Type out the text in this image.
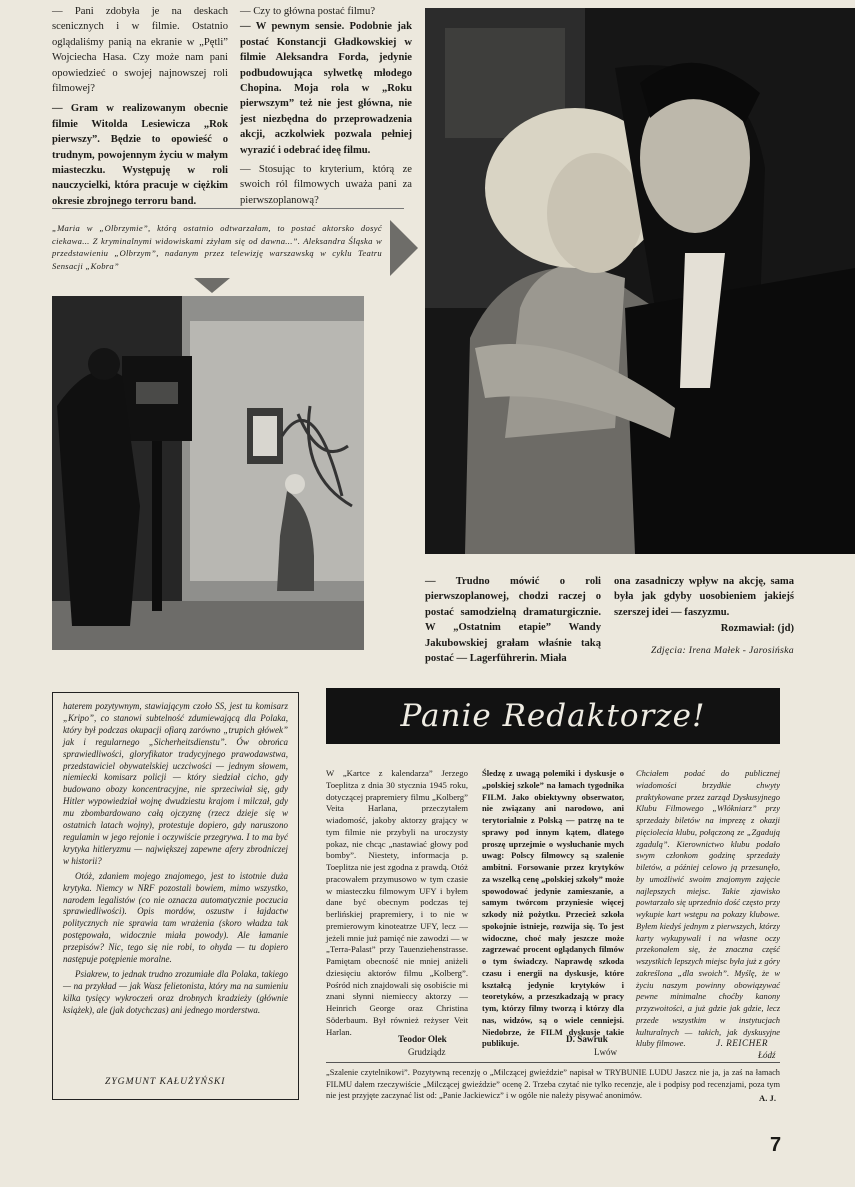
— Pani zdobyła je na deskach scenicznych i w filmie. Ostatnio oglądaliśmy panią na ekranie w „Pętli” Wojciecha Hasa. Czy może nam pani opowiedzieć o swojej najnowszej roli filmowej?

— Gram w realizowanym obecnie filmie Witolda Lesiewicza „Rok pierwszy”. Będzie to opowieść o trudnym, powojennym życiu w małym miasteczku. Występuję w roli nauczycielki, która pracuje w ciężkim okresie zbrojnego terroru band.

— Czy to główna postać filmu?

— W pewnym sensie. Podobnie jak postać Konstancji Gładkowskiej w filmie Aleksandra Forda, jedynie podbudowująca sylwetkę młodego Chopina. Moja rola w „Roku pierwszym” też nie jest główna, nie jest niezbędna do przeprowadzenia akcji, aczkolwiek pozwala pełniej wyrazić i odebrać ideę filmu.

— Stosując to kryterium, którą ze swoich ról filmowych uważa pani za pierwszoplanową?

„Maria w „Olbrzymie”, którą ostatnio odtwarzałam, to postać aktorsko dosyć ciekawa... Z kryminalnymi widowiskami zżyłam się od dawna...”. Aleksandra Śląska w przedstawieniu „Olbrzym”, nadanym przez telewizję warszawską w cyklu Teatru Sensacji „Kobra”
— Trudno mówić o roli pierwszoplanowej, chodzi raczej o postać samodzielną dramaturgicznie. W „Ostatnim etapie” Wandy Jakubowskiej grałam właśnie taką postać — Lagerführerin. Miała
ona zasadniczy wpływ na akcję, sama była jak gdyby uosobieniem jakiejś szerszej idei — faszyzmu.
Rozmawiał: (jd)
Zdjęcia: Irena Małek - Jarosińska

haterem pozytywnym, stawiającym czoło SS, jest tu komisarz „Kripo”, co stanowi subtelność zdumiewającą dla Polaka, który był podczas okupacji ofiarą zarówno „trupich główek” jak i regularnego „Sicherheitsdienstu”. Ów obrońca sprawiedliwości, gloryfikator tradycyjnego prawodawstwa, przedstawiciel obywatelskiej uczciwości — jednym słowem, niemiecki komisarz policji — który siedział cicho, gdy budowano obozy koncentracyjne, nie sprzeciwiał się, gdy Hitler wypowiedział wojnę dwudziestu krajom i milczał, gdy mu zbombardowano całą ojczyznę (rzecz dzieje się w ostatnich latach wojny), protestuje dopiero, gdy naruszono regulamin w jego rejonie i oczywiście przegrywa. I to ma być krytyka hitleryzmu — największej zapewne afery zbrodniczej w historii?

Otóż, zdaniem mojego znajomego, jest to istotnie duża krytyka. Niemcy w NRF pozostali bowiem, mimo wszystko, narodem legalistów (co nie oznacza automatycznie poczucia sprawiedliwości). Opis mordów, oszustw i łajdactw politycznych nie sprawia tam wrażenia (skoro władza tak postępowała, widocznie miała powody). Ale łamanie przepisów? Nic, tego się nie robi, to ohyda — tu dopiero następuje potępienie moralne.

Psiakrew, to jednak trudno zrozumiałe dla Polaka, takiego — na przykład — jak Wasz felietonista, który ma na sumieniu kilka tysięcy wykroczeń oraz drobnych kradzieży (głównie książek), ale (jak dotychczas) ani jednego morderstwa.

ZYGMUNT KAŁUŻYŃSKI
Panie Redaktorze!
W „Kartce z kalendarza” Jerzego Toeplitza z dnia 30 stycznia 1945 roku, dotyczącej prapremiery filmu „Kolberg” Veita Harlana, przeczytałem wiadomość, jakoby aktorzy grający w tym filmie nie przybyli na uroczysty pokaz, nie chcąc „nastawiać głowy pod bomby”. Niestety, informacja p. Toeplitza nie jest zgodna z prawdą. Otóż pracowałem przymusowo w tym czasie w miasteczku filmowym UFY i byłem dane być obecnym podczas tej berlińskiej prapremiery, i to nie w premierowym kinoteatrze UFY, lecz — jeżeli mnie już pamięć nie zawodzi — w „Terra-Palast” przy Tauenziehenstrasse. Pamiętam obecność nie mniej aniżeli dziesięciu aktorów filmu „Kolberg”. Pośród nich znajdowali się osobiście mi znani słynni niemieccy aktorzy — Heinrich George oraz Christina Söderbaum. Był również reżyser Veit Harlan.
Teodor Olek
Grudziądz
Śledzę z uwagą polemiki i dyskusje o „polskiej szkole” na łamach tygodnika FILM. Jako obiektywny obserwator, nie związany ani narodowo, ani terytorialnie z Polską — patrzę na te sprawy pod innym kątem, dlatego proszę uprzejmie o wysłuchanie mych uwag: Polscy filmowcy są szalenie ambitni. Forsowanie przez krytyków za wszelką cenę „polskiej szkoły” może spowodować jedynie zamieszanie, a samym twórcom przyniesie więcej szkody niż pożytku. Przecież szkoła spokojnie istnieje, rozwija się. To jest widoczne, choć mały jeszcze może zagrzewać procent oglądanych filmów o tym świadczy. Naprawdę szkoda czasu i energii na dyskusje, które kształcą jedynie krytyków i teoretyków, a przeszkadzają w pracy tym, którzy filmy tworzą i którzy dla nas, widzów, są o wiele cenniejsi. Niedobrze, że FILM dyskusje takie publikuje.	D. Sawruk
Lwów
Chciałem podać do publicznej wiadomości brzydkie chwyty praktykowane przez zarząd Dyskusyjnego Klubu Filmowego „Włókniarz” przy sprzedaży biletów na imprezę z okazji pięciolecia klubu, połączoną ze „Zgadują zgadulą”. Kierownictwo klubu podało swym członkom godzinę sprzedaży biletów, a później celowo ją przesunęło, by umożliwić swoim znajomym zajęcie najlepszych miejsc. Takie zjawisko powtarzało się uprzednio dość często przy wykupie kart wstępu na pokazy klubowe. Byłem kiedyś jednym z pierwszych, którzy karty wykupywali i na własne oczy przekonałem się, że znaczna część wszystkich lepszych miejsc była już z góry zakreślona „dla swoich”. Myślę, że w życiu naszym powinny obowiązywać pewne minimalne choćby kanony przyzwoitości, a już gdzie jak gdzie, lecz przede wszystkim w instytucjach kulturalnych — takich, jak dyskusyjne kluby filmowe.	J. REICHER
Łódź
„Szalenie czytelnikowi”. Pozytywną recenzję o „Milczącej gwieździe” napisał w TRYBUNIE LUDU Jaszcz nie ja, ja zaś na łamach FILMU dałem rzeczywiście „Milczącej gwieździe” ocenę 2. Trzeba czytać nie tylko recenzje, ale i podpisy pod recenzjami, poza tym nie jest przyjęte zaczynać list od: „Panie Jackiewicz” i w ogóle nie należy pisywać anonimów.	A. J.
7
